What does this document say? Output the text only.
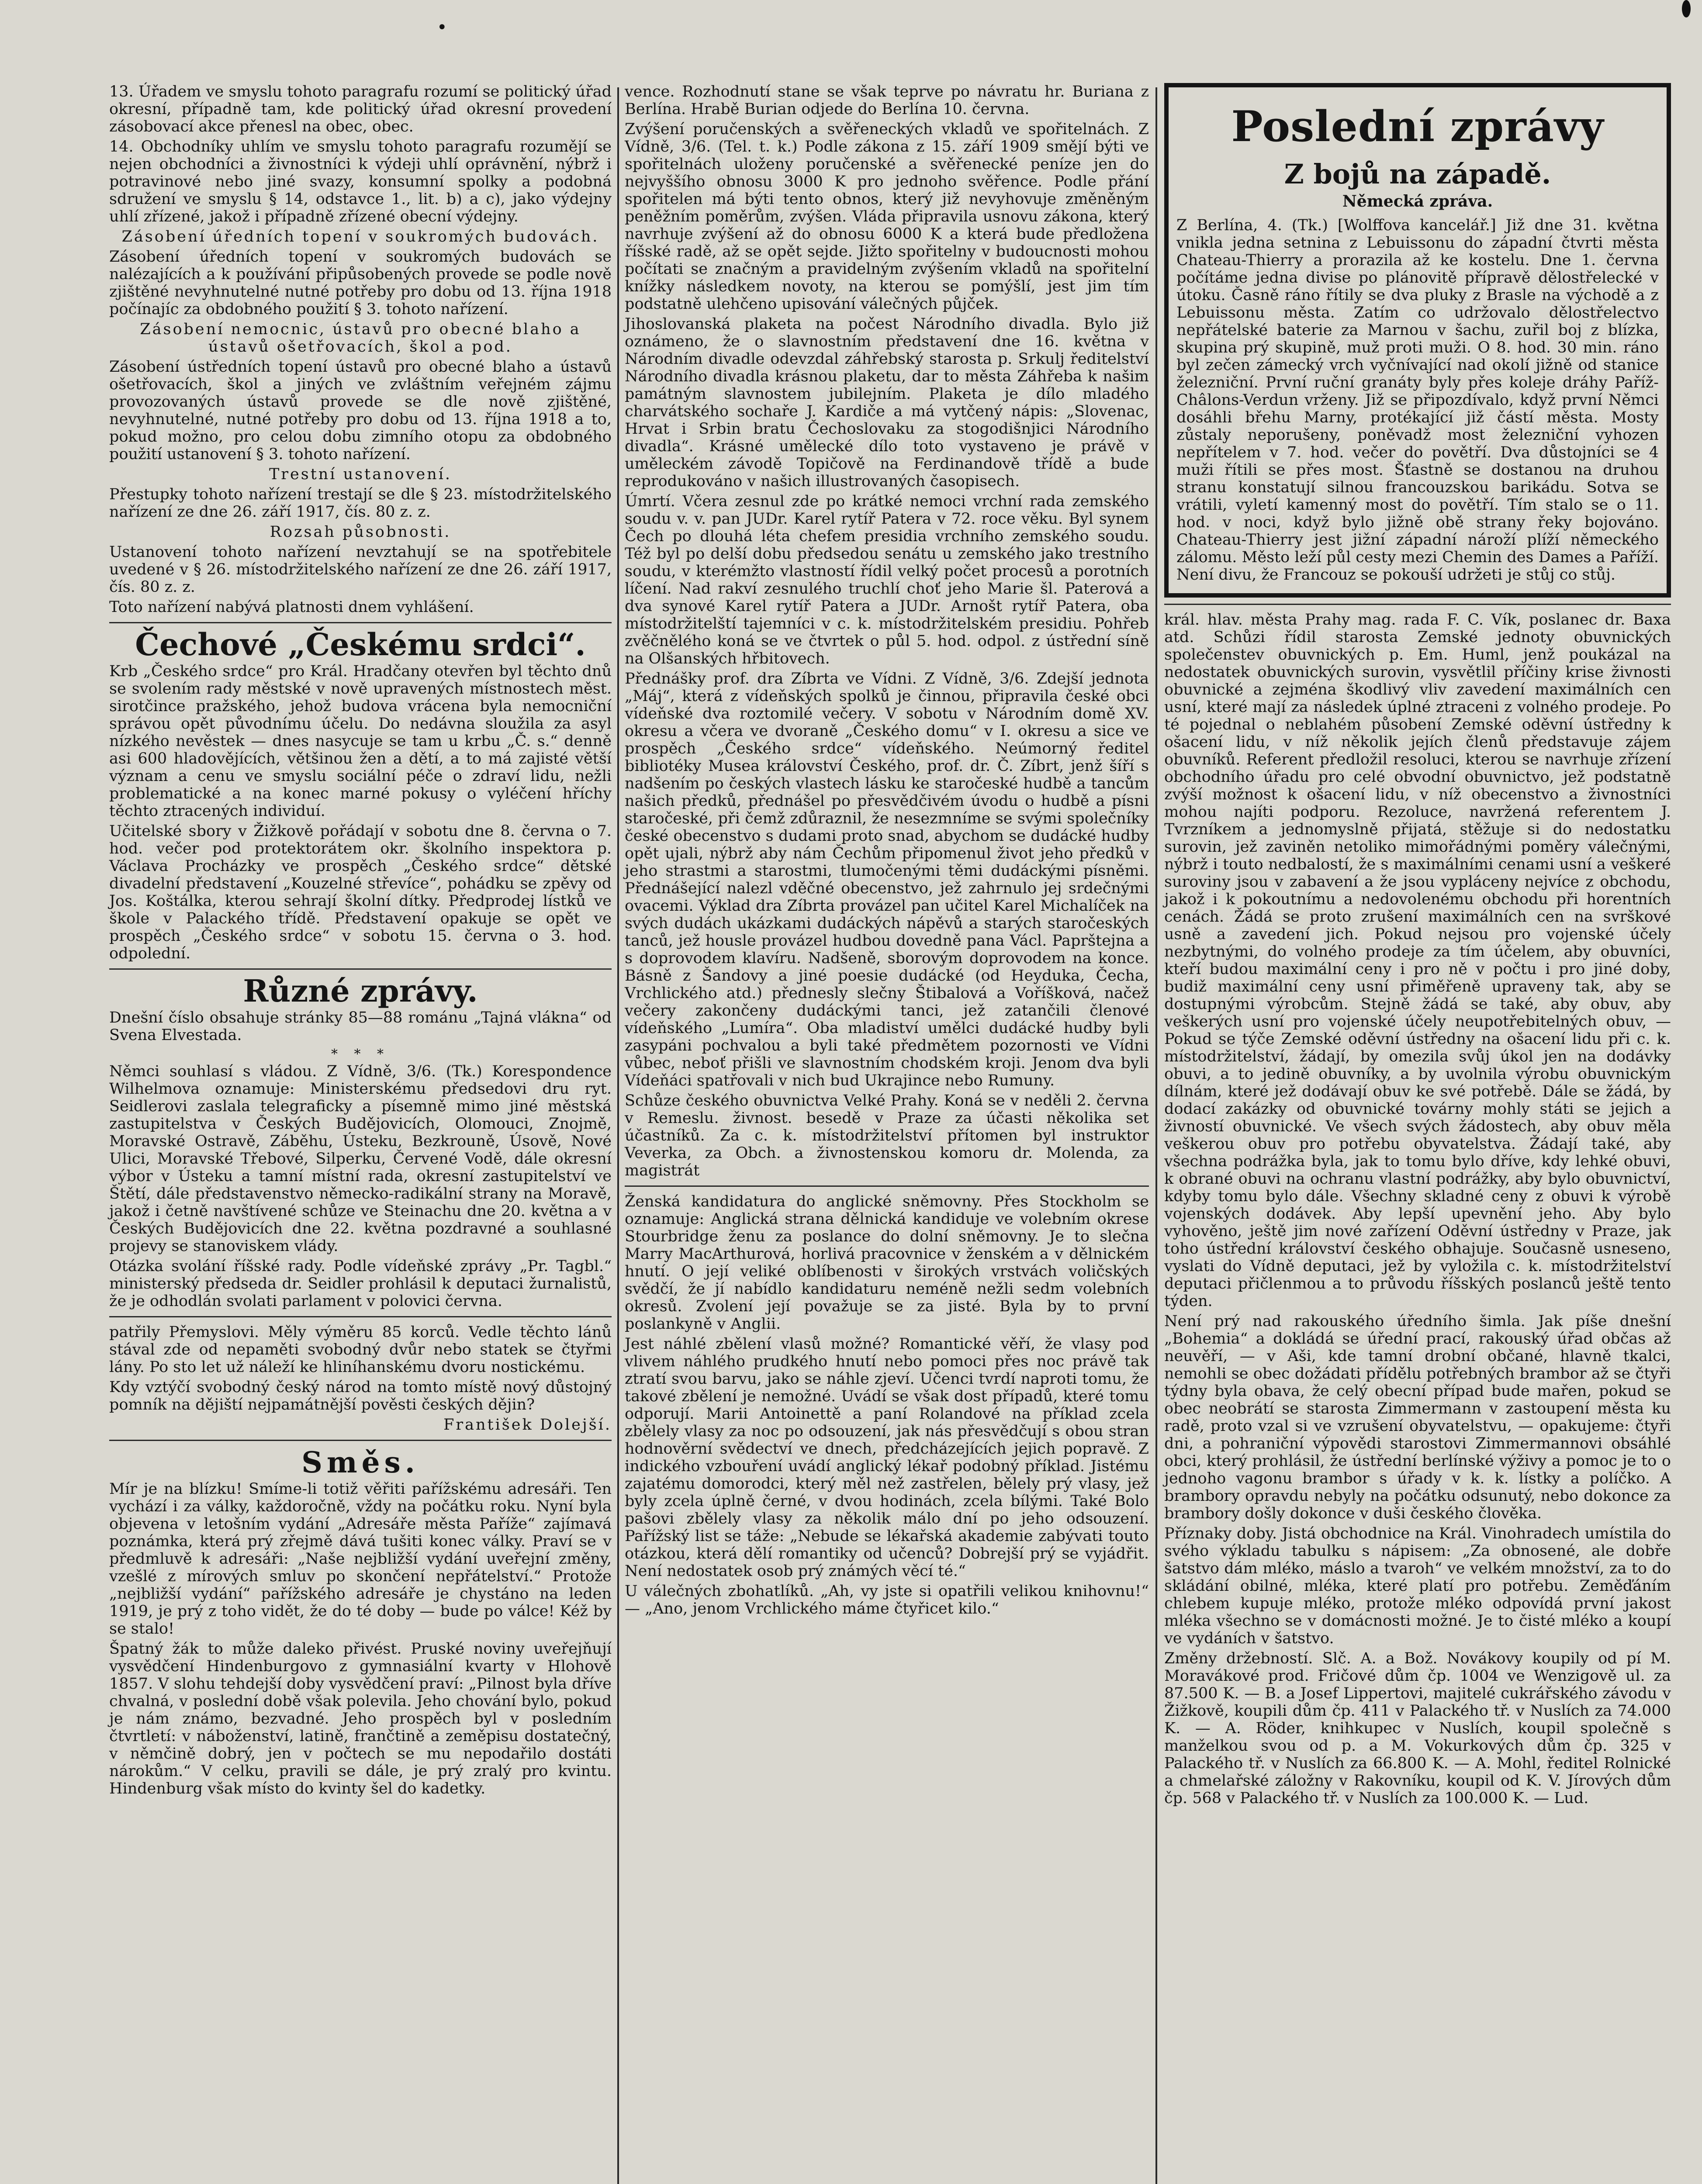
•

13. Úřadem ve smyslu tohoto paragrafu rozumí se politický úřad okresní, případně tam, kde politický úřad okresní provedení zásobovací akce přenesl na obec, obec.

14. Obchodníky uhlím ve smyslu tohoto paragrafu rozumějí se nejen obchodníci a živnostníci k výdeji uhlí oprávnění, nýbrž i potravinové nebo jiné svazy, konsumní spolky a podobná sdružení ve smyslu § 14, odstavce 1., lit. b) a c), jako výdejny uhlí zřízené, jakož i případně zřízené obecní výdejny.

Zásobení úředních topení v soukromých budovách.

Zásobení úředních topení v soukromých budovách se nalézajících a k používání připůsobených provede se podle nově zjištěné nevyhnutelné nutné potřeby pro dobu od 13. října 1918 počínajíc za obdobného použití § 3. tohoto nařízení.

Zásobení nemocnic, ústavů pro obecné blaho a ústavů ošetřovacích, škol a pod.

Zásobení ústředních topení ústavů pro obecné blaho a ústavů ošetřovacích, škol a jiných ve zvláštním veřejném zájmu provozovaných ústavů provede se dle nově zjištěné, nevyhnutelné, nutné potřeby pro dobu od 13. října 1918 a to, pokud možno, pro celou dobu zimního otopu za obdobného použití ustanovení § 3. tohoto nařízení.

Trestní ustanovení.

Přestupky tohoto nařízení trestají se dle § 23. místodržitelského nařízení ze dne 26. září 1917, čís. 80 z. z.

Rozsah působnosti.

Ustanovení tohoto nařízení nevztahují se na spotřebitele uvedené v § 26. místodržitelského nařízení ze dne 26. září 1917, čís. 80 z. z.

Toto nařízení nabývá platnosti dnem vyhlášení.

Čechové „Českému srdci“.

Krb „Českého srdce“ pro Král. Hradčany otevřen byl těchto dnů se svolením rady městské v nově upravených místnostech měst. sirotčince pražského, jehož budova vrácena byla nemocniční správou opět původnímu účelu. Do nedávna sloužila za asyl nízkého nevěstek — dnes nasycuje se tam u krbu „Č. s.“ denně asi 600 hladovějících, většinou žen a dětí, a to má zajisté větší význam a cenu ve smyslu sociální péče o zdraví lidu, nežli problematické a na konec marné pokusy o vyléčení hříchy těchto ztracených individuí.

Učitelské sbory v Žižkově pořádají v sobotu dne 8. června o 7. hod. večer pod protektorátem okr. školního inspektora p. Václava Procházky ve prospěch „Českého srdce“ dětské divadelní představení „Kouzelné střevíce“, pohádku se zpěvy od Jos. Koštálka, kterou sehrají školní dítky. Předprodej lístků ve škole v Palackého třídě. Představení opakuje se opět ve prospěch „Českého srdce“ v sobotu 15. června o 3. hod. odpolední.

Různé zprávy.

Dnešní číslo obsahuje stránky 85—88 románu „Tajná vlákna“ od Svena Elvestada.

* * *

Němci souhlasí s vládou. Z Vídně, 3/6. (Tk.) Korespondence Wilhelmova oznamuje: Ministerskému předsedovi dru ryt. Seidlerovi zaslala telegraficky a písemně mimo jiné městská zastupitelstva v Českých Budějovicích, Olomouci, Znojmě, Moravské Ostravě, Záběhu, Ústeku, Bezkrouně, Úsově, Nové Ulici, Moravské Třebové, Silperku, Červené Vodě, dále okresní výbor v Ústeku a tamní místní rada, okresní zastupitelství ve Štětí, dále představenstvo německo-radikální strany na Moravě, jakož i četně navštívené schůze ve Steinachu dne 20. května a v Českých Budějovicích dne 22. května pozdravné a souhlasné projevy se stanoviskem vlády.

Otázka svolání říšské rady. Podle vídeňské zprávy „Pr. Tagbl.“ ministerský předseda dr. Seidler prohlásil k deputaci žurnalistů, že je odhodlán svolati parlament v polovici června.

patřily Přemyslovi. Měly výměru 85 korců. Vedle těchto lánů stával zde od nepaměti svobodný dvůr nebo statek se čtyřmi lány. Po sto let už náleží ke hliníhanskému dvoru nostickému.

Kdy vztýčí svobodný český národ na tomto místě nový důstojný pomník na dějiští nejpamátnější pověsti českých dějin?

František Dolejší.

Směs.

Mír je na blízku! Smíme-li totiž věřiti pařížskému adresáři. Ten vychází i za války, každoročně, vždy na počátku roku. Nyní byla objevena v letošním vydání „Adresáře města Paříže“ zajímavá poznámka, která prý zřejmě dává tušiti konec války. Praví se v předmluvě k adresáři: „Naše nejbližší vydání uveřejní změny, vzešlé z mírových smluv po skončení nepřátelství.“ Protože „nejbližší vydání“ pařížského adresáře je chystáno na leden 1919, je prý z toho vidět, že do té doby — bude po válce! Kéž by se stalo!

Špatný žák to může daleko přivést. Pruské noviny uveřejňují vysvědčení Hindenburgovo z gymnasiální kvarty v Hlohově 1857. V slohu tehdejší doby vysvědčení praví: „Pilnost byla dříve chvalná, v poslední době však polevila. Jeho chování bylo, pokud je nám známo, bezvadné. Jeho prospěch byl v posledním čtvrtletí: v náboženství, latině, frančtině a zeměpisu dostatečný, v němčině dobrý, jen v počtech se mu nepodařilo dostáti nárokům.“ V celku, pravili se dále, je prý zralý pro kvintu. Hindenburg však místo do kvinty šel do kadetky.

vence. Rozhodnutí stane se však teprve po návratu hr. Buriana z Berlína. Hrabě Burian odjede do Berlína 10. června.

Zvýšení poručenských a svěřeneckých vkladů ve spořitelnách. Z Vídně, 3/6. (Tel. t. k.) Podle zákona z 15. září 1909 smějí býti ve spořitelnách uloženy poručenské a svěřenecké peníze jen do nejvyššího obnosu 3000 K pro jednoho svěřence. Podle přání spořitelen má býti tento obnos, který již nevyhovuje změněným peněžním poměrům, zvýšen. Vláda připravila usnovu zákona, který navrhuje zvýšení až do obnosu 6000 K a která bude předložena říšské radě, až se opět sejde. Jižto spořitelny v budoucnosti mohou počítati se značným a pravidelným zvýšením vkladů na spořitelní knížky následkem novoty, na kterou se pomýšlí, jest jim tím podstatně ulehčeno upisování válečných půjček.

Jihoslovanská plaketa na počest Národního divadla. Bylo již oznámeno, že o slavnostním představení dne 16. května v Národním divadle odevzdal záhřebský starosta p. Srkulj ředitelství Národního divadla krásnou plaketu, dar to města Záhřeba k našim památným slavnostem jubilejním. Plaketa je dílo mladého charvátského sochaře J. Kardiče a má vytčený nápis: „Slovenac, Hrvat i Srbin bratu Čechoslovaku za stogodišnjici Národního divadla“. Krásné umělecké dílo toto vystaveno je právě v uměleckém závodě Topičově na Ferdinandově třídě a bude reprodukováno v našich illustrovaných časopisech.

Úmrtí. Včera zesnul zde po krátké nemoci vrchní rada zemského soudu v. v. pan JUDr. Karel rytíř Patera v 72. roce věku. Byl synem Čech po dlouhá léta chefem presidia vrchního zemského soudu. Též byl po delší dobu předsedou senátu u zemského jako trestního soudu, v kterémžto vlastností řídil velký počet procesů a porotních líčení. Nad rakví zesnulého truchlí choť jeho Marie šl. Paterová a dva synové Karel rytíř Patera a JUDr. Arnošt rytíř Patera, oba místodržitelští tajemníci v c. k. místodržitelském presidiu. Pohřeb zvěčnělého koná se ve čtvrtek o půl 5. hod. odpol. z ústřední síně na Olšanských hřbitovech.

Přednášky prof. dra Zíbrta ve Vídni. Z Vídně, 3/6. Zdejší jednota „Máj“, která z vídeňských spolků je činnou, připravila české obci vídeňské dva roztomilé večery. V sobotu v Národním domě XV. okresu a včera ve dvoraně „Českého domu“ v I. okresu a sice ve prospěch „Českého srdce“ vídeňského. Neúmorný ředitel bibliotéky Musea království Českého, prof. dr. Č. Zíbrt, jenž šíří s nadšením po českých vlastech lásku ke staročeské hudbě a tancům našich předků, přednášel po přesvědčivém úvodu o hudbě a písni staročeské, při čemž zdůraznil, že nesezmníme se svými společníky české obecenstvo s dudami proto snad, abychom se dudácké hudby opět ujali, nýbrž aby nám Čechům připomenul život jeho předků v jeho strastmi a starostmi, tlumočenými těmi dudáckými písněmi. Přednášející nalezl vděčné obecenstvo, jež zahrnulo jej srdečnými ovacemi. Výklad dra Zíbrta provázel pan učitel Karel Michalíček na svých dudách ukázkami dudáckých nápěvů a starých staročeských tanců, jež housle provázel hudbou dovedně pana Václ. Paprštejna a s doprovodem klavíru. Nadšeně, sborovým doprovodem na konce. Básně z Šandovy a jiné poesie dudácké (od Heyduka, Čecha, Vrchlického atd.) přednesly slečny Štibalová a Voříšková, načež večery zakončeny dudáckými tanci, jež zatančili členové vídeňského „Lumíra“. Oba mladiství umělci dudácké hudby byli zasypáni pochvalou a byli také předmětem pozornosti ve Vídni vůbec, neboť přišli ve slavnostním chodském kroji. Jenom dva byli Vídeňáci spatřovali v nich bud Ukrajince nebo Rumuny.

Schůze českého obuvnictva Velké Prahy. Koná se v neděli 2. června v Remeslu. živnost. besedě v Praze za účasti několika set účastníků. Za c. k. místodržitelství přítomen byl instruktor Veverka, za Obch. a živnostenskou komoru dr. Molenda, za magistrát

Ženská kandidatura do anglické sněmovny. Přes Stockholm se oznamuje: Anglická strana dělnická kandiduje ve volebním okrese Stourbridge ženu za poslance do dolní sněmovny. Je to slečna Marry MacArthurová, horlivá pracovnice v ženském a v dělnickém hnutí. O její veliké oblíbenosti v širokých vrstvách voličských svědčí, že jí nabídlo kandidaturu neméně nežli sedm volebních okresů. Zvolení její považuje se za jisté. Byla by to první poslankyně v Anglii.

Jest náhlé zbělení vlasů možné? Romantické věří, že vlasy pod vlivem náhlého prudkého hnutí nebo pomoci přes noc právě tak ztratí svou barvu, jako se náhle zjeví. Učenci tvrdí naproti tomu, že takové zbělení je nemožné. Uvádí se však dost případů, které tomu odporují. Marii Antoinettě a paní Rolandové na příklad zcela zbělely vlasy za noc po odsouzení, jak nás přesvědčují s obou stran hodnověrní svědectví ve dnech, předcházejících jejich popravě. Z indického vzbouření uvádí anglický lékař podobný příklad. Jistému zajatému domorodci, který měl než zastřelen, bělely prý vlasy, jež byly zcela úplně černé, v dvou hodinách, zcela bílými. Také Bolo pašovi zbělely vlasy za několik málo dní po jeho odsouzení. Pařížský list se táže: „Nebude se lékařská akademie zabývati touto otázkou, která dělí romantiky od učenců? Dobrejší prý se vyjádřit. Není nedostatek osob prý známých věcí té.“

U válečných zbohatlíků. „Ah, vy jste si opatřili velikou knihovnu!“ — „Ano, jenom Vrchlického máme čtyřicet kilo.“

Poslední zprávy
Z bojů na západě.
Německá zpráva.

Z Berlína, 4. (Tk.) [Wolffova kancelář.] Již dne 31. května vnikla jedna setnina z Lebuissonu do západní čtvrti města Chateau-Thierry a prorazila až ke kostelu. Dne 1. června počítáme jedna divise po plánovitě přípravě dělostřelecké v útoku. Časně ráno řítily se dva pluky z Brasle na východě a z Lebuissonu města. Zatím co udržovalo dělostřelectvo nepřátelské baterie za Marnou v šachu, zuřil boj z blízka, skupina prý skupině, muž proti muži. O 8. hod. 30 min. ráno byl zečen zámecký vrch vyčnívající nad okolí jižně od stanice železniční. První ruční granáty byly přes koleje dráhy Paříž-Châlons-Verdun vrženy. Již se připozdívalo, když první Němci dosáhli břehu Marny, protékající již částí města. Mosty zůstaly neporušeny, poněvadž most železniční vyhozen nepřítelem v 7. hod. večer do povětří. Dva důstojníci se 4 muži řítili se přes most. Šťastně se dostanou na druhou stranu konstatují silnou francouzskou barikádu. Sotva se vrátili, vyletí kamenný most do povětří. Tím stalo se o 11. hod. v noci, když bylo jižně obě strany řeky bojováno. Chateau-Thierry jest jižní západní nároží plíží německého zálomu. Město leží půl cesty mezi Chemin des Dames a Paříží. Není divu, že Francouz se pokouší udržeti je stůj co stůj.

král. hlav. města Prahy mag. rada F. C. Vík, poslanec dr. Baxa atd. Schůzi řídil starosta Zemské jednoty obuvnických společenstev obuvnických p. Em. Huml, jenž poukázal na nedostatek obuvnických surovin, vysvětlil příčiny krise živnosti obuvnické a zejména škodlivý vliv zavedení maximálních cen usní, které mají za následek úplné ztraceni z volného prodeje. Po té pojednal o neblahém působení Zemské oděvní ústředny k ošacení lidu, v níž několik jejích členů představuje zájem obuvníků. Referent předložil resoluci, kterou se navrhuje zřízení obchodního úřadu pro celé obvodní obuvnictvo, jež podstatně zvýší možnost k ošacení lidu, v níž obecenstvo a živnostníci mohou najíti podporu. Rezoluce, navržená referentem J. Tvrzníkem a jednomyslně přijatá, stěžuje si do nedostatku surovin, jež zaviněn netoliko mimořádnými poměry válečnými, nýbrž i touto nedbalostí, že s maximálními cenami usní a veškeré suroviny jsou v zabavení a že jsou vypláceny nejvíce z obchodu, jakož i k pokoutnímu a nedovolenému obchodu při horentních cenách. Žádá se proto zrušení maximálních cen na svrškové usně a zavedení jich. Pokud nejsou pro vojenské účely nezbytnými, do volného prodeje za tím účelem, aby obuvníci, kteří budou maximální ceny i pro ně v počtu i pro jiné doby, budiž maximální ceny usní přiměřeně upraveny tak, aby se dostupnými výrobcům. Stejně žádá se také, aby obuv, aby veškerých usní pro vojenské účely neupotřebitelných obuv, — Pokud se týče Zemské oděvní ústředny na ošacení lidu při c. k. místodržitelství, žádají, by omezila svůj úkol jen na dodávky obuvi, a to jedině obuvníky, a by uvolnila výrobu obuvnickým dílnám, které jež dodávají obuv ke své potřebě. Dále se žádá, by dodací zakázky od obuvnické továrny mohly státi se jejich a živností obuvnické. Ve všech svých žádostech, aby obuv měla veškerou obuv pro potřebu obyvatelstva. Žádají také, aby všechna podrážka byla, jak to tomu bylo dříve, kdy lehké obuvi, k obrané obuvi na ochranu vlastní podrážky, aby bylo obuvnictví, kdyby tomu bylo dále. Všechny skladné ceny z obuvi k výrobě vojenských dodávek. Aby lepší upevnění jeho. Aby bylo vyhověno, ještě jim nové zařízení Oděvní ústředny v Praze, jak toho ústřední království českého obhajuje. Současně usneseno, vyslati do Vídně deputaci, jež by vyložila c. k. místodržitelství deputaci přičlenmou a to průvodu říšských poslanců ještě tento týden.

Není prý nad rakouského úředního šimla. Jak píše dnešní „Bohemia“ a dokládá se úřední prací, rakouský úřad občas až neuvěří, — v Aši, kde tamní drobní občané, hlavně tkalci, nemohli se obec dožádati přídělu potřebných brambor až se čtyři týdny byla obava, že celý obecní případ bude mařen, pokud se obec neobrátí se starosta Zimmermann v zastoupení města ku radě, proto vzal si ve vzrušení obyvatelstvu, — opakujeme: čtyři dni, a pohraniční výpovědi starostovi Zimmermannovi obsáhlé obci, který prohlásil, že ústřední berlínské výživy a pomoc je to o jednoho vagonu brambor s úřady v k. k. lístky a políčko. A brambory opravdu nebyly na počátku odsunutý, nebo dokonce za brambory došly dokonce v duši českého člověka.

Příznaky doby. Jistá obchodnice na Král. Vinohradech umístila do svého výkladu tabulku s nápisem: „Za obnosené, ale dobře šatstvo dám mléko, máslo a tvaroh“ ve velkém množství, za to do skládání obilné, mléka, které platí pro potřebu. Zeměďáním chlebem kupuje mléko, protože mléko odpovídá první jakost mléka všechno se v domácnosti možné. Je to čisté mléko a koupí ve vydáních v šatstvo.

Změny držebností. Slč. A. a Bož. Novákovy koupily od pí M. Moravákové prod. Fričové dům čp. 1004 ve Wenzigově ul. za 87.500 K. — B. a Josef Lippertovi, majitelé cukrářského závodu v Žižkově, koupili dům čp. 411 v Palackého tř. v Nuslích za 74.000 K. — A. Röder, knihkupec v Nuslích, koupil společně s manželkou svou od p. a M. Vokurkových dům čp. 325 v Palackého tř. v Nuslích za 66.800 K. — A. Mohl, ředitel Rolnické a chmelařské záložny v Rakovníku, koupil od K. V. Jírových dům čp. 568 v Palackého tř. v Nuslích za 100.000 K. — Lud.
